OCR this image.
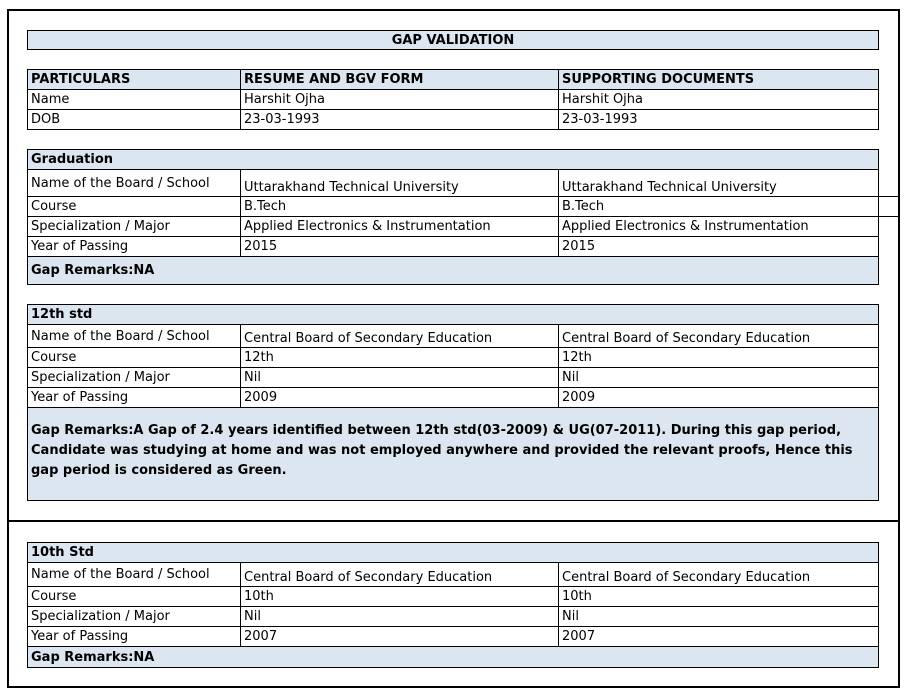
GAP VALIDATION
PARTICULARS	RESUME AND BGV FORM	SUPPORTING DOCUMENTS
Name	Harshit Ojha	Harshit Ojha
DOB	23-03-1993	23-03-1993
Graduation
Name of the Board / School	Uttarakhand Technical University	Uttarakhand Technical University
Course	B.Tech	B.Tech
Specialization / Major	Applied Electronics & Instrumentation	Applied Electronics & Instrumentation
Year of Passing	2015	2015
Gap Remarks:NA
12th std
Name of the Board / School	Central Board of Secondary Education	Central Board of Secondary Education
Course	12th	12th
Specialization / Major	Nil	Nil
Year of Passing	2009	2009
Gap Remarks:A Gap of 2.4 years identified between 12th std(03-2009) & UG(07-2011). During this gap period, Candidate was studying at home and was not employed anywhere and provided the relevant proofs, Hence this gap period is considered as Green.
10th Std
Name of the Board / School	Central Board of Secondary Education	Central Board of Secondary Education
Course	10th	10th
Specialization / Major	Nil	Nil
Year of Passing	2007	2007
Gap Remarks:NA
